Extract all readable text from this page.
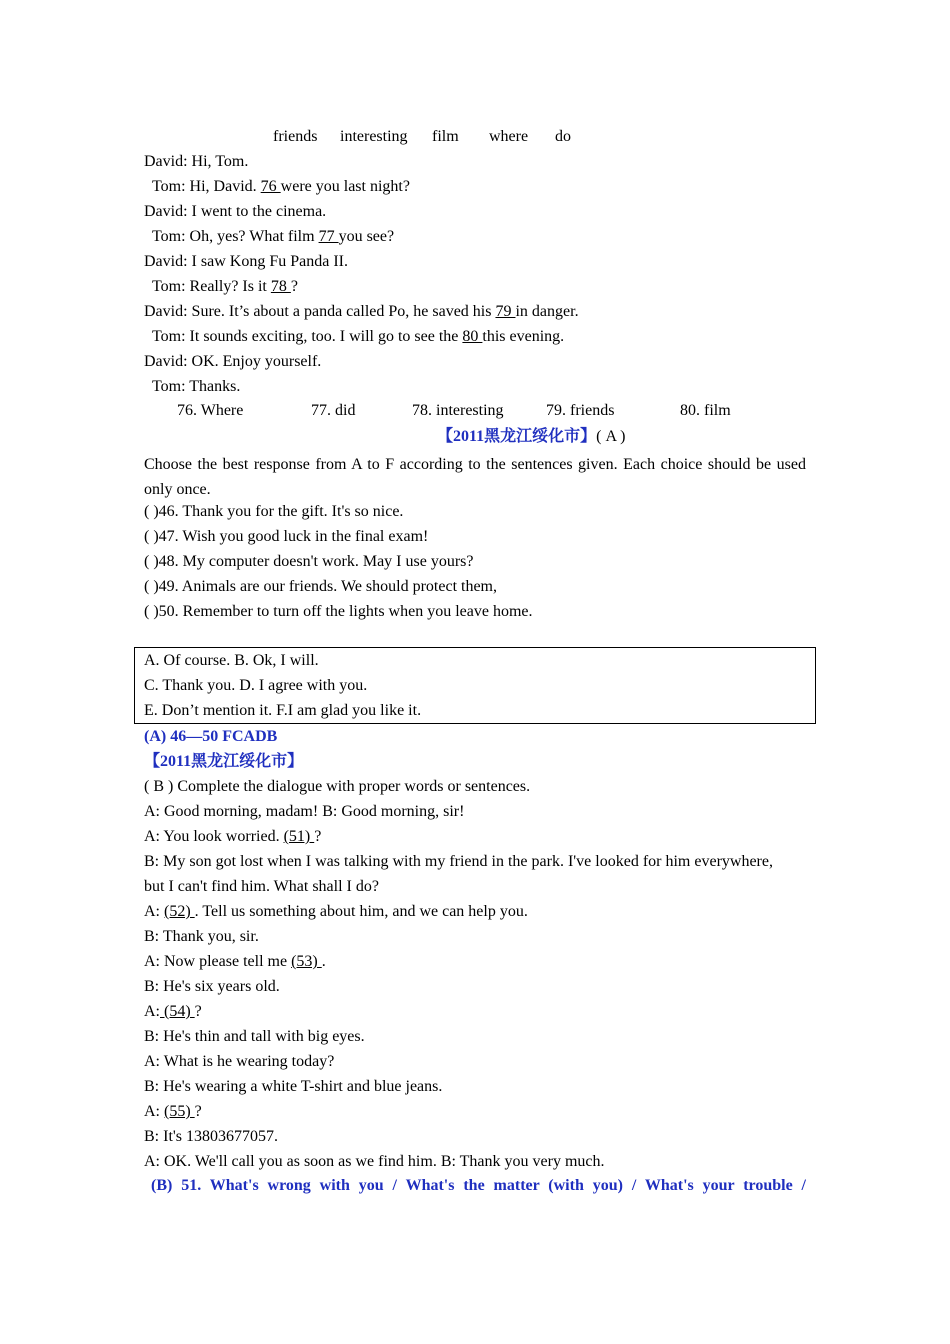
friends interesting film where do
David: Hi, Tom.
Tom: Hi, David. 76 were you last night?
David: I went to the cinema.
Tom: Oh, yes? What film 77 you see?
David: I saw Kong Fu Panda II.
Tom: Really? Is it 78 ?
David: Sure. It’s about a panda called Po, he saved his 79 in danger.
Tom: It sounds exciting, too. I will go to see the 80 this evening.
David: OK. Enjoy yourself.
Tom: Thanks.
76. Where	77. did	78. interesting	79. friends	80. film
【2011黑龙江绥化市】( A )
Choose the best response from A to F according to the sentences given. Each choice should be used only once.
( )46. Thank you for the gift. It's so nice.
( )47. Wish you good luck in the final exam!
( )48. My computer doesn't work. May I use yours?
( )49. Animals are our friends. We should protect them,
( )50. Remember to turn off the lights when you leave home.
A. Of course. B. Ok, I will.
C. Thank you. D. I agree with you.
E. Don’t mention it. F.I am glad you like it.
(A) 46—50 FCADB
【2011黑龙江绥化市】
( B ) Complete the dialogue with proper words or sentences.
A: Good morning, madam! B: Good morning, sir!
A: You look worried. (51) ?
B: My son got lost when I was talking with my friend in the park. I've looked for him everywhere,
but I can't find him. What shall I do?
A: (52) . Tell us something about him, and we can help you.
B: Thank you, sir.
A: Now please tell me (53) .
B: He's six years old.
A: (54) ?
B: He's thin and tall with big eyes.
A: What is he wearing today?
B: He's wearing a white T-shirt and blue jeans.
A: (55) ?
B: It's 13803677057.
A: OK. We'll call you as soon as we find him. B: Thank you very much.
(B) 51. What's wrong with you / What's the matter (with you) / What's your trouble /
